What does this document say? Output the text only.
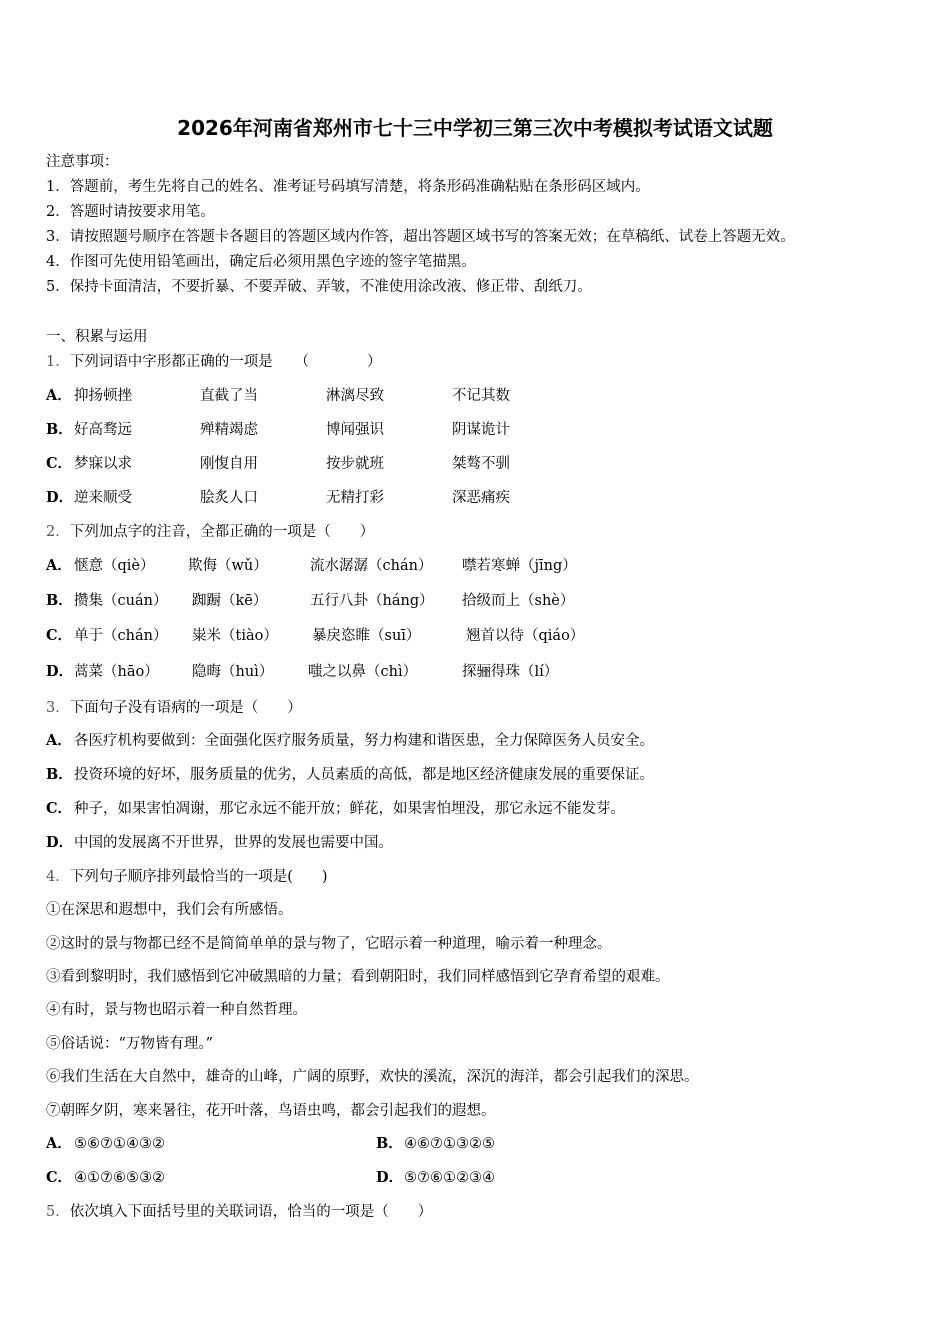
2026年河南省郑州市七十三中学初三第三次中考模拟考试语文试题
注意事项：
1．答题前，考生先将自己的姓名、准考证号码填写清楚，将条形码准确粘贴在条形码区域内。
2．答题时请按要求用笔。
3．请按照题号顺序在答题卡各题目的答题区域内作答，超出答题区域书写的答案无效；在草稿纸、试卷上答题无效。
4．作图可先使用铅笔画出，确定后必须用黑色字迹的签字笔描黑。
5．保持卡面清洁，不要折暴、不要弄破、弄皱，不准使用涂改液、修正带、刮纸刀。
一、积累与运用
1．下列词语中字形都正确的一项是　　（　　　　）
A． 抑扬顿挫	直截了当	淋漓尽致	不记其数
B． 好高骛远	殚精竭虑	博闻强识	阴谋诡计
C． 梦寐以求	刚愎自用	按步就班	桀骜不驯
D． 逆来顺受	脍炙人口	无精打彩	深恶痛疾
2．下列加点字的注音，全都正确的一项是（　　）
A． 惬意（qiè） 欺侮（wǔ）	流水潺潺（chán） 噤若寒蝉（jīng）
B． 攒集（cuán） 踟蹰（kē）	五行八卦（háng） 拾级而上（shè）
C． 单于（chán） 粜米（tiào） 暴戾恣睢（suī）	翘首以待（qiáo）
D． 蒿菜（hāo） 隐晦（huì） 嗤之以鼻（chì）	探骊得珠（lí）
3．下面句子没有语病的一项是（　　）
A． 各医疗机构要做到：全面强化医疗服务质量，努力构建和谐医患，全力保障医务人员安全。
B． 投资环境的好坏，服务质量的优劣，人员素质的高低，都是地区经济健康发展的重要保证。
C． 种子，如果害怕凋谢，那它永远不能开放；鲜花，如果害怕埋没，那它永远不能发芽。
D． 中国的发展离不开世界，世界的发展也需要中国。
4．下列句子顺序排列最恰当的一项是(　　)
①在深思和遐想中，我们会有所感悟。
②这时的景与物都已经不是简简单单的景与物了，它昭示着一种道理，喻示着一种理念。
③看到黎明时，我们感悟到它冲破黑暗的力量；看到朝阳时，我们同样感悟到它孕育希望的艰难。
④有时，景与物也昭示着一种自然哲理。
⑤俗话说：“万物皆有理。”
⑥我们生活在大自然中，雄奇的山峰，广阔的原野，欢快的溪流，深沉的海洋，都会引起我们的深思。
⑦朝晖夕阴，寒来暑往，花开叶落，鸟语虫鸣，都会引起我们的遐想。
A． ⑤⑥⑦①④③②	B． ④⑥⑦①③②⑤
C． ④①⑦⑥⑤③②	D． ⑤⑦⑥①②③④
5．依次填入下面括号里的关联词语，恰当的一项是（　　）
